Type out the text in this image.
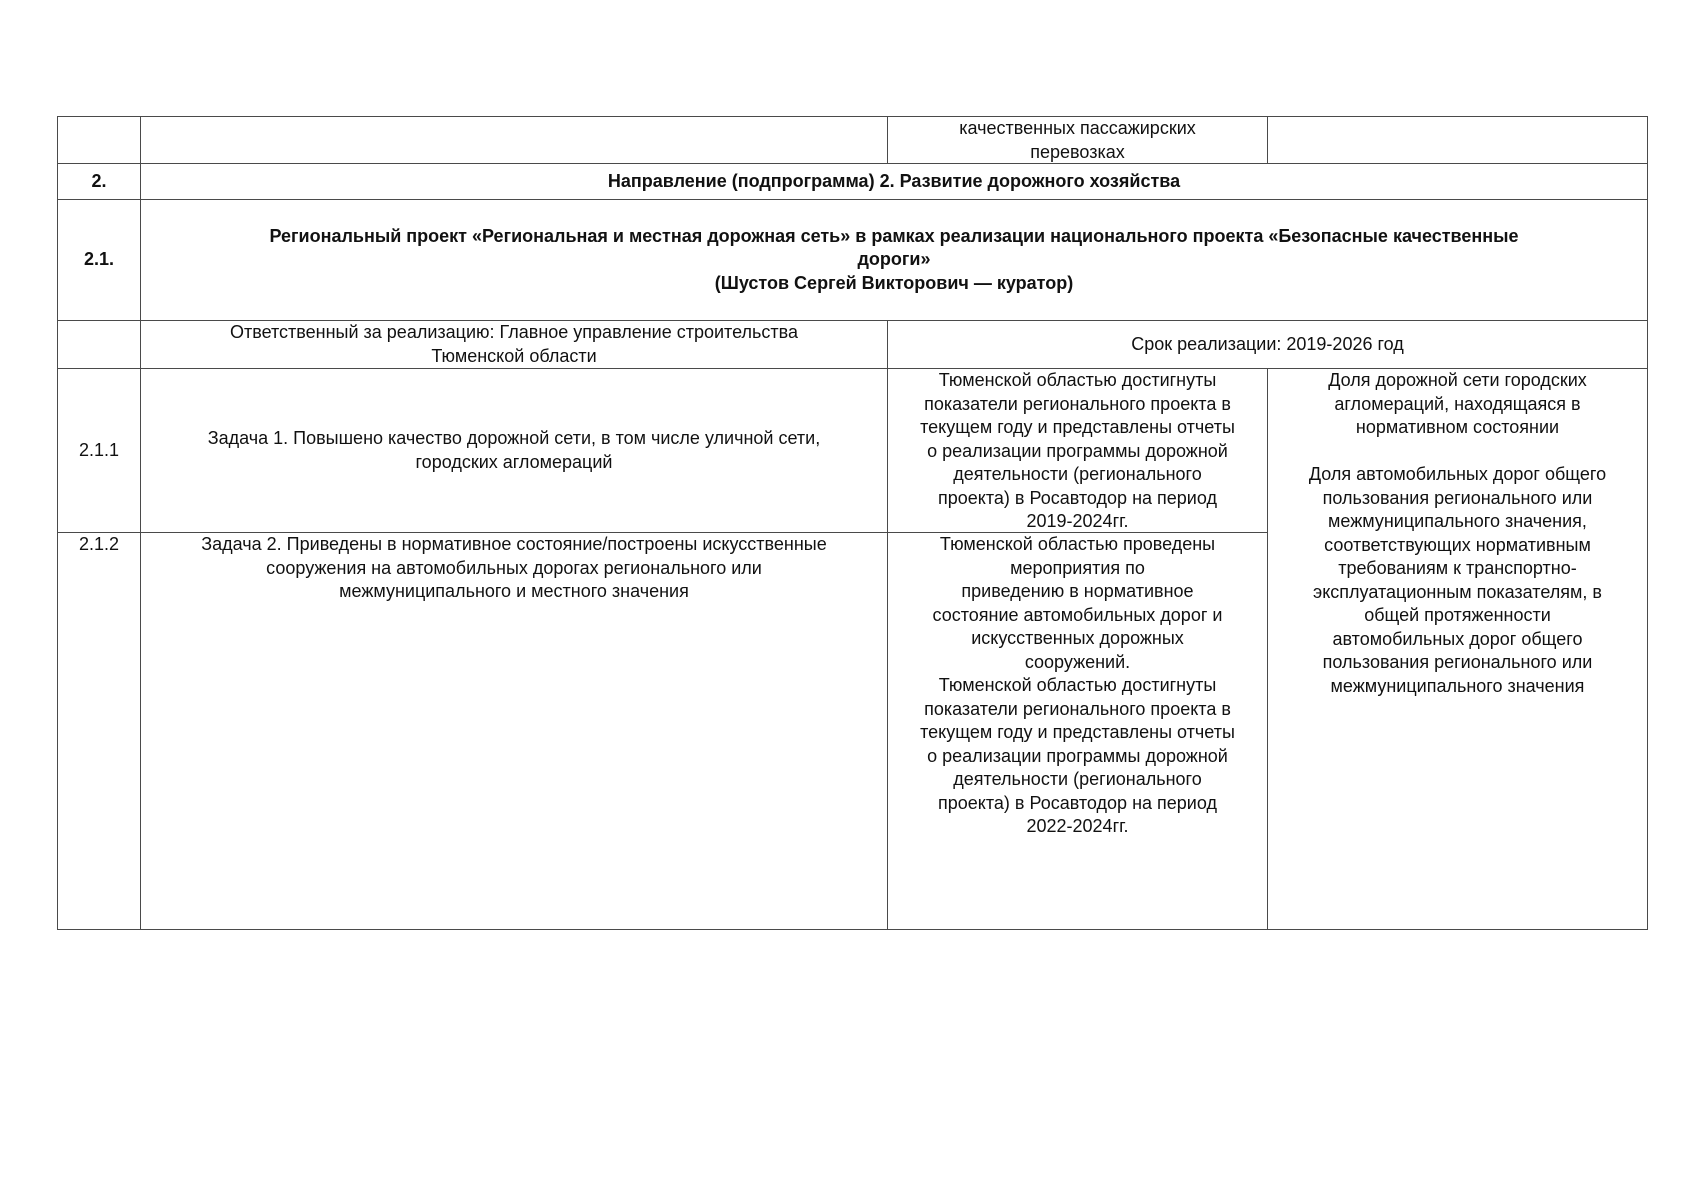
качественных пассажирских
перевозках
2.	Направление (подпрограмма) 2. Развитие дорожного хозяйства
2.1.
Региональный проект «Региональная и местная дорожная сеть» в рамках реализации национального проекта «Безопасные качественные
дороги»
(Шустов Сергей Викторович — куратор)
Ответственный за реализацию: Главное управление строительства
Тюменской области
Срок реализации: 2019-2026 год
2.1.1
Задача 1. Повышено качество дорожной сети, в том числе уличной сети,
городских агломераций
Тюменской областью достигнуты
показатели регионального проекта в
текущем году и представлены отчеты
о реализации программы дорожной
деятельности (регионального
проекта) в Росавтодор на период
2019-2024гг.
2.1.2	Задача 2. Приведены в нормативное состояние/построены искусственные
сооружения на автомобильных дорогах регионального или
межмуниципального и местного значения
Тюменской областью проведены
мероприятия по
приведению в нормативное
состояние автомобильных дорог и
искусственных дорожных
сооружений.
Тюменской областью достигнуты
показатели регионального проекта в
текущем году и представлены отчеты
о реализации программы дорожной
деятельности (регионального
проекта) в Росавтодор на период
2022-2024гг.
Доля дорожной сети городских
агломераций, находящаяся в
нормативном состоянии
Доля автомобильных дорог общего
пользования регионального или
межмуниципального значения,
соответствующих нормативным
требованиям к транспортно-
эксплуатационным показателям, в
общей протяженности
автомобильных дорог общего
пользования регионального или
межмуниципального значения
